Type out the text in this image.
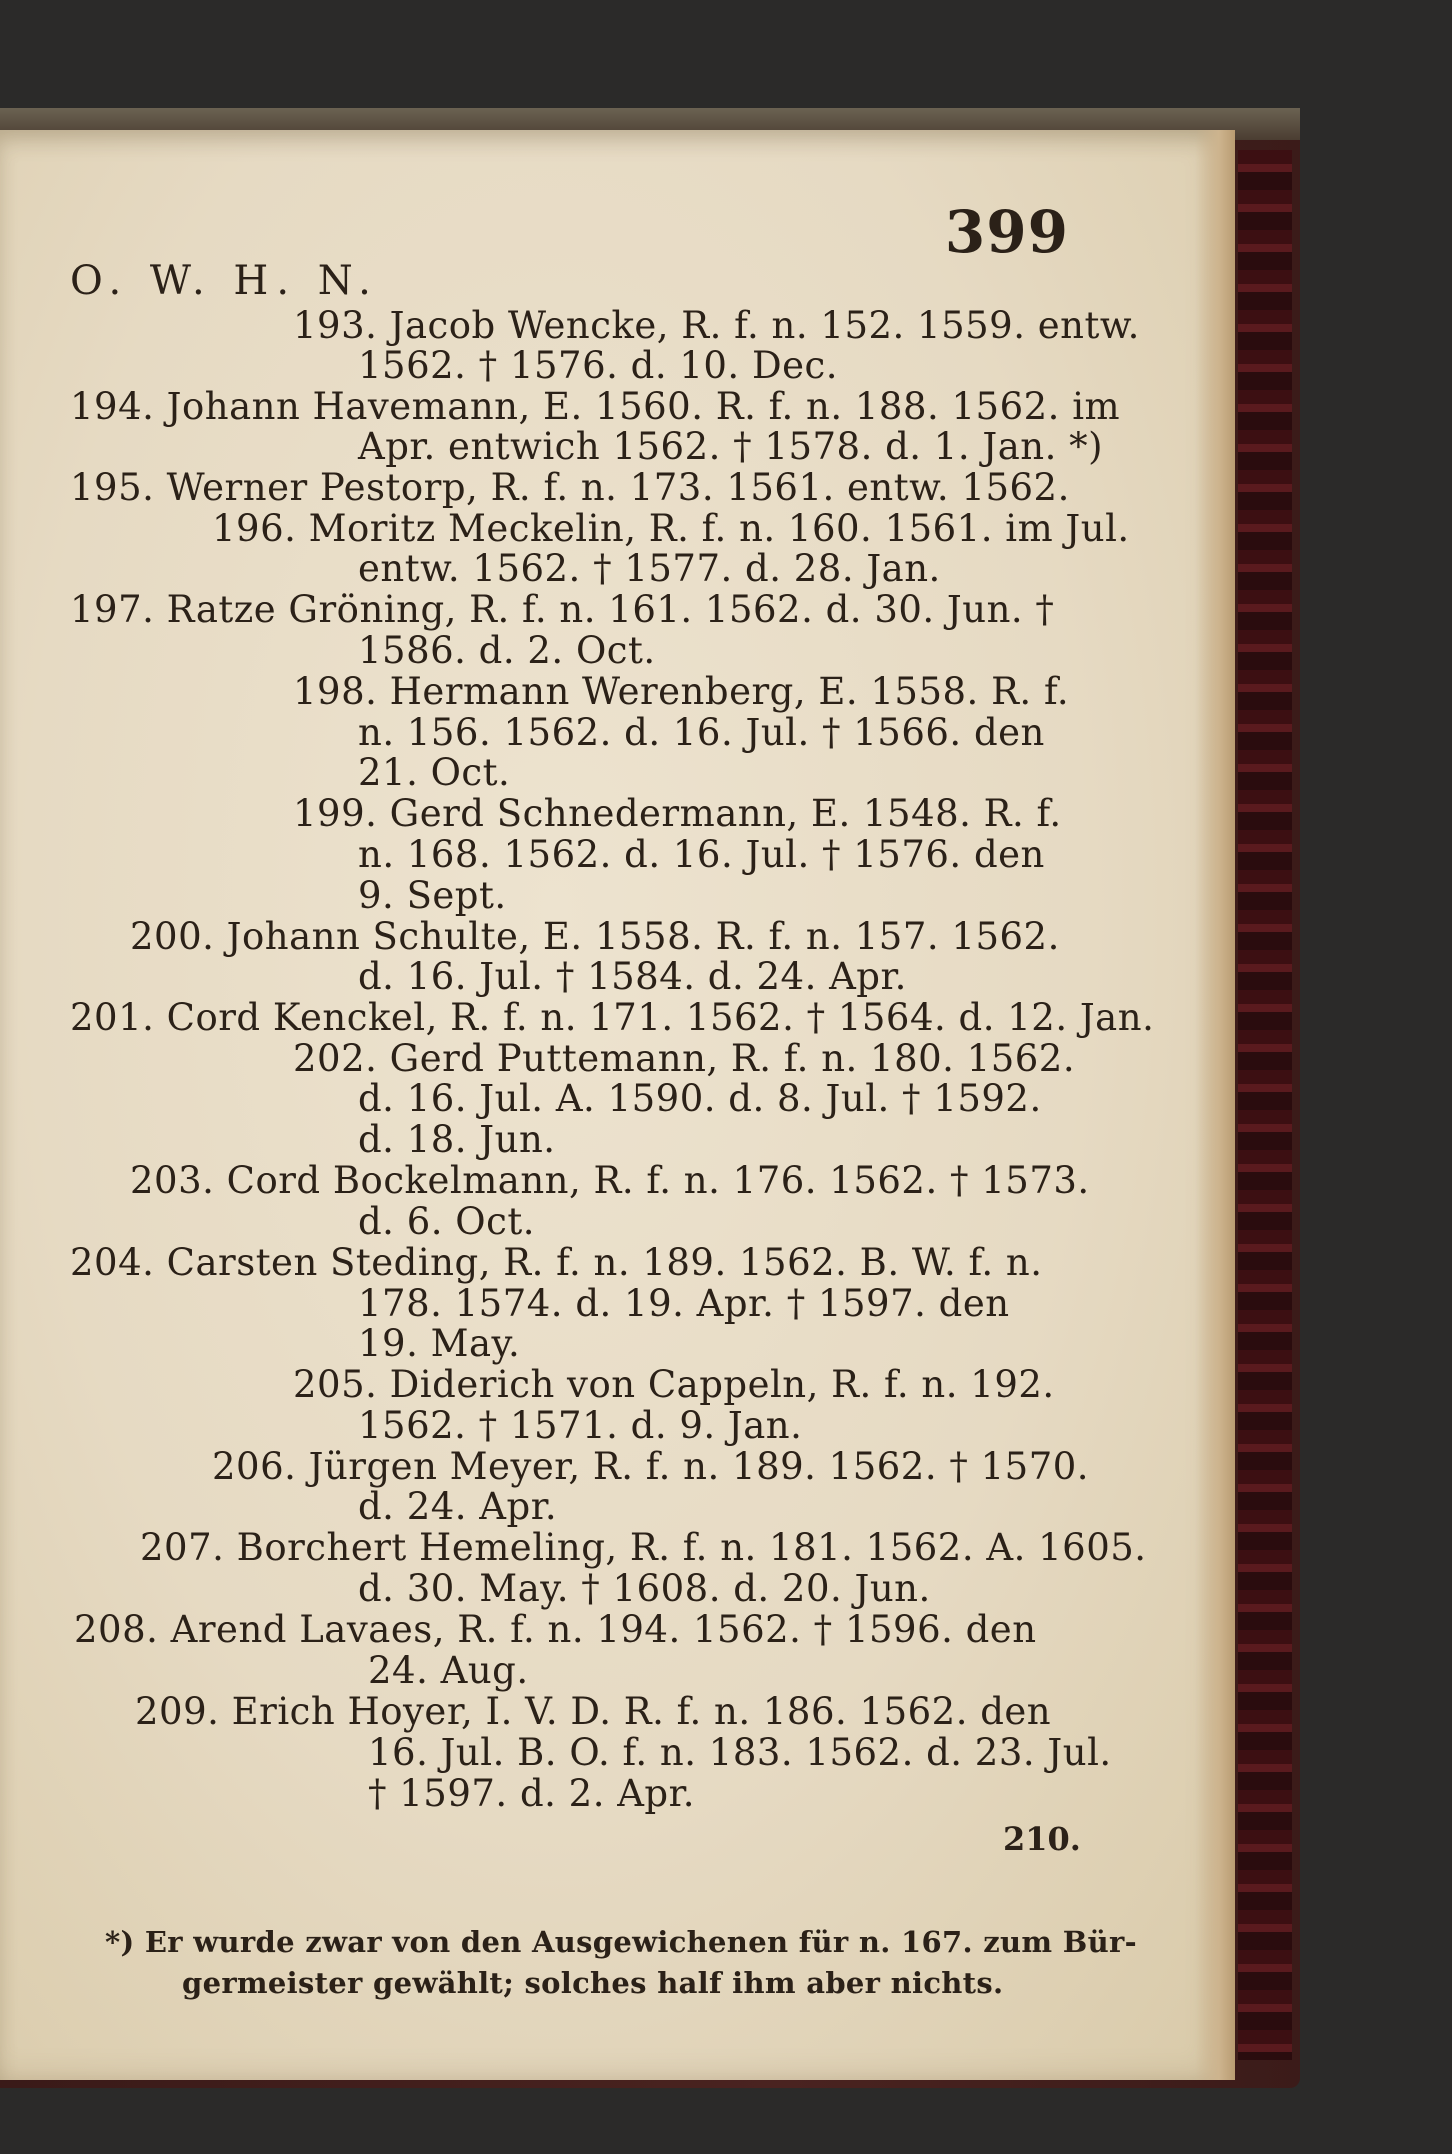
399
O. W. H. N.
193. Jacob Wencke, R. f. n. 152. 1559. entw.
1562. † 1576. d. 10. Dec.
194. Johann Havemann, E. 1560. R. f. n. 188. 1562. im
Apr. entwich 1562. † 1578. d. 1. Jan. *)
195. Werner Pestorp, R. f. n. 173. 1561. entw. 1562.
196. Moritz Meckelin, R. f. n. 160. 1561. im Jul.
entw. 1562. † 1577. d. 28. Jan.
197. Ratze Gröning, R. f. n. 161. 1562. d. 30. Jun. †
1586. d. 2. Oct.
198. Hermann Werenberg, E. 1558. R. f.
n. 156. 1562. d. 16. Jul. † 1566. den
21. Oct.
199. Gerd Schnedermann, E. 1548. R. f.
n. 168. 1562. d. 16. Jul. † 1576. den
9. Sept.
200. Johann Schulte, E. 1558. R. f. n. 157. 1562.
d. 16. Jul. † 1584. d. 24. Apr.
201. Cord Kenckel, R. f. n. 171. 1562. † 1564. d. 12. Jan.
202. Gerd Puttemann, R. f. n. 180. 1562.
d. 16. Jul. A. 1590. d. 8. Jul. † 1592.
d. 18. Jun.
203. Cord Bockelmann, R. f. n. 176. 1562. † 1573.
d. 6. Oct.
204. Carsten Steding, R. f. n. 189. 1562. B. W. f. n.
178. 1574. d. 19. Apr. † 1597. den
19. May.
205. Diderich von Cappeln, R. f. n. 192.
1562. † 1571. d. 9. Jan.
206. Jürgen Meyer, R. f. n. 189. 1562. † 1570.
d. 24. Apr.
207. Borchert Hemeling, R. f. n. 181. 1562. A. 1605.
d. 30. May. † 1608. d. 20. Jun.
208. Arend Lavaes, R. f. n. 194. 1562. † 1596. den
24. Aug.
209. Erich Hoyer, I. V. D. R. f. n. 186. 1562. den
16. Jul. B. O. f. n. 183. 1562. d. 23. Jul.
† 1597. d. 2. Apr.
210.
*) Er wurde zwar von den Ausgewichenen für n. 167. zum Bür-
germeister gewählt; solches half ihm aber nichts.
